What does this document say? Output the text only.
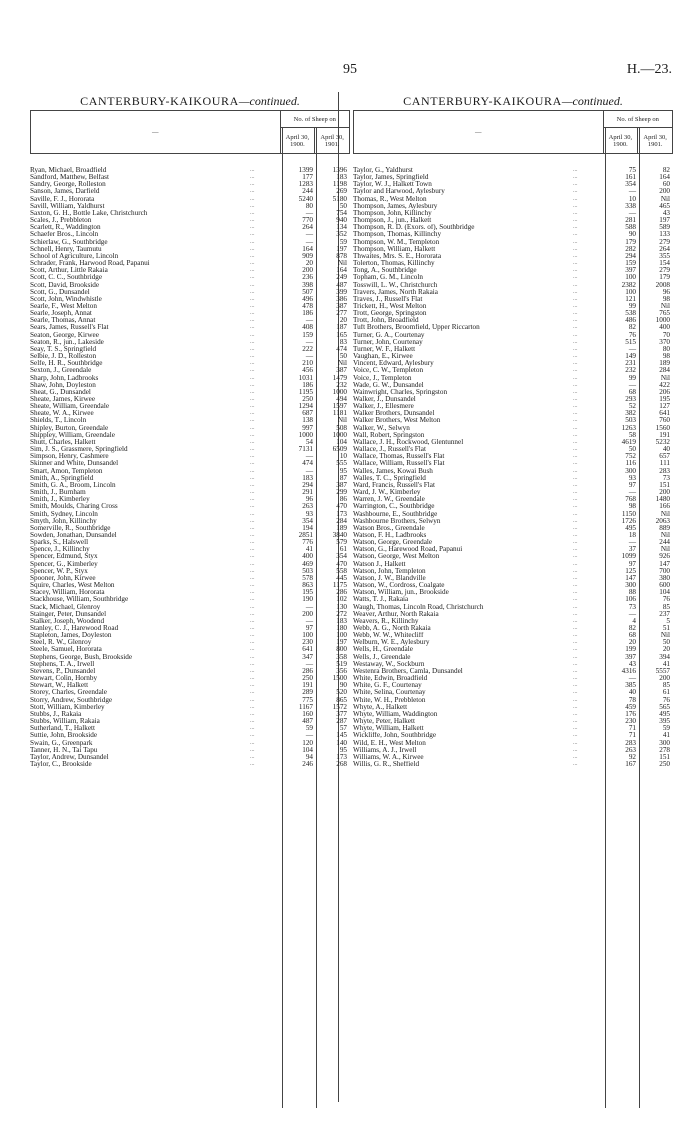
95	H.—23.
CANTERBURY-KAIKOURA—continued.
—	No. of Sheep on	
	April 30, 1900.	April 30, 1901.
Ryan, Michael, Broadfield	...	1399	1396
Sandford, Matthew, Belfast	...	177	183
Sandry, George, Rolleston	...	1283	1198
Sanson, James, Darfield	...	244	269
Saville, F. J., Hororata	...	5240	5180
Savill, William, Yaldhurst	...	80	50
Saxton, G. H., Bottle Lake, Christchurch	...	—	754
Scales, J., Prebbleton	...	770	940
Scarlett, R., Waddington	...	264	134
Schaefer Bros., Lincoln	...	—	352
Schierlaw, G., Southbridge	...	—	59
Schnell, Henry, Taumutu	...	164	197
School of Agriculture, Lincoln	...	909	878
Schrader, Frank, Harwood Road, Papanui	...	20	Nil
Scott, Arthur, Little Rakaia	...	200	164
Scott, C. C., Southbridge	...	236	249
Scott, David, Brookside	...	398	487
Scott, G., Dunsandel	...	507	399
Scott, John, Windwhistle	...	496	386
Searle, F., West Melton	...	478	387
Searle, Joseph, Annat	...	186	277
Searle, Thomas, Annat	...	—	20
Sears, James, Russell's Flat	...	408	187
Seaton, George, Kirwee	...	159	165
Seaton, R., jun., Lakeside	...	—	83
Seay, T. S., Springfield	...	222	474
Selbie, J. D., Rolleston	...	—	50
Selfe, H. R., Southbridge	...	210	Nil
Sexton, J., Greendale	...	456	387
Sharp, John, Ladbrooks	...	1031	1479
Shaw, John, Doyleston	...	186	232
Sheat, G., Dunsandel	...	1195	1000
Sheate, James, Kirwee	...	250	494
Sheate, William, Greendale	...	1294	1597
Sheate, W. A., Kirwee	...	687	1181
Shields, T., Lincoln	...	138	Nil
Shipley, Burton, Greendale	...	997	508
Shippley, William, Greendale	...	1000	1000
Shutt, Charles, Halkett	...	54	104
Sim, J. S., Grassmere, Springfield	...	7131	6509
Simpson, Henry, Cashmere	...	—	10
Skinner and White, Dunsandel	...	474	555
Smart, Amon, Templeton	...	—	95
Smith, A., Springfield	...	183	87
Smith, G. A., Broom, Lincoln	...	294	387
Smith, J., Burnham	...	291	299
Smith, J., Kimberley	...	96	86
Smith, Moulds, Charing Cross	...	263	470
Smith, Sydney, Lincoln	...	93	173
Smyth, John, Killinchy	...	354	284
Somerville, R., Southbridge	...	194	189
Sowden, Jonathan, Dunsandel	...	2851	3840
Sparks, S., Halswell	...	776	579
Spence, J., Killinchy	...	41	61
Spencer, Edmund, Styx	...	400	354
Spencer, G., Kimberley	...	469	470
Spencer, W. P., Styx	...	503	558
Spooner, John, Kirwee	...	578	445
Squire, Charles, West Melton	...	863	1175
Stacey, William, Hororata	...	195	286
Stackhouse, William, Southbridge	...	190	102
Stack, Michael, Glenroy	...	—	130
Stainger, Peter, Dunsandel	...	200	272
Stalker, Joseph, Woodend	...	—	183
Stanley, C. J., Harewood Road	...	97	180
Stapleton, James, Doyleston	...	100	100
Steel, R. W., Glenroy	...	230	197
Steele, Samuel, Hororata	...	641	800
Stephens, George, Bush, Brookside	...	347	358
Stephens, T. A., Irwell	...	—	519
Stevens, P., Dunsandel	...	286	356
Stewart, Colin, Hornby	...	250	1500
Stewart, W., Halkett	...	191	90
Storey, Charles, Greendale	...	289	520
Storry, Andrew, Southbridge	...	775	865
Stott, William, Kimberley	...	1167	1572
Stubbs, J., Rakaia	...	160	377
Stubbs, William, Rakaia	...	487	287
Sutherland, T., Halkett	...	59	57
Suttie, John, Brookside	...	—	145
Swain, G., Greenpark	...	120	140
Tanner, H. N., Tai Tapu	...	104	95
Taylor, Andrew, Dunsandel	...	94	173
Taylor, C., Brookside	...	246	268
CANTERBURY-KAIKOURA—continued.
—	No. of Sheep on	
	April 30, 1900.	April 30, 1901.
Taylor, G., Yaldhurst	...	75	82
Taylor, James, Springfield	...	161	164
Taylor, W. J., Halkett Town	...	354	60
Taylor and Harwood, Aylesbury	...	—	200
Thomas, R., West Melton	...	10	Nil
Thompson, James, Aylesbury	...	338	465
Thompson, John, Killinchy	...	—	43
Thompson, J., jun., Halkett	...	281	197
Thompson, R. D. (Exors. of), Southbridge	...	588	589
Thompson, Thomas, Killinchy	...	90	133
Thompson, W. M., Templeton	...	179	279
Thompson, William, Halkett	...	282	264
Thwaites, Mrs. S. E., Hororata	...	294	355
Tolerton, Thomas, Killinchy	...	159	154
Tong, A., Southbridge	...	397	279
Topham, G. M., Lincoln	...	100	179
Tosswill, L. W., Christchurch	...	2382	2008
Travers, James, North Rakaia	...	100	96
Traves, J., Russell's Flat	...	121	98
Trickett, H., West Melton	...	99	Nil
Trott, George, Springston	...	538	765
Trott, John, Broadfield	...	486	1000
Tuft Brothers, Broomfield, Upper Riccarton	...	82	400
Turner, G. A., Courtenay	...	76	70
Turner, John, Courtenay	...	515	370
Turner, W. F., Halkett	...	—	80
Vaughan, E., Kirwee	...	149	98
Vincent, Edward, Aylesbury	...	231	189
Voice, C. W., Templeton	...	232	284
Voice, J., Templeton	...	99	Nil
Wade, G. W., Dunsandel	...	—	422
Wainwright, Charles, Springston	...	68	206
Walker, J., Dunsandel	...	293	195
Walker, J., Ellesmere	...	52	127
Walker Brothers, Dunsandel	...	382	641
Walker Brothers, West Melton	...	503	760
Walker, W., Selwyn	...	1263	1560
Wall, Robert, Springston	...	58	191
Wallace, J. H., Rockwood, Glentunnel	...	4619	5232
Wallace, J., Russell's Flat	...	50	40
Wallace, Thomas, Russell's Flat	...	752	657
Wallace, William, Russell's Flat	...	116	111
Walles, James, Kowai Bush	...	300	283
Walles, T. C., Springfield	...	93	73
Ward, Francis, Russell's Flat	...	97	151
Ward, J. W., Kimberley	...	—	200
Warren, J. W., Greendale	...	768	1480
Warrington, C., Southbridge	...	98	166
Washbourne, E., Southbridge	...	1150	Nil
Washbourne Brothers, Selwyn	...	1726	2063
Watson Bros., Greendale	...	495	889
Watson, F. H., Ladbrooks	...	18	Nil
Watson, George, Greendale	...	—	244
Watson, G., Harewood Road, Papanui	...	37	Nil
Watson, George, West Melton	...	1099	926
Watson J., Halkett	...	97	147
Watson, John, Templeton	...	125	700
Watson, J. W., Blandville	...	147	380
Watson, W., Cordross, Coalgate	...	300	600
Watson, William, jun., Brookside	...	88	104
Watts, T. J., Rakaia	...	106	76
Waugh, Thomas, Lincoln Road, Christchurch	...	73	85
Weaver, Arthur, North Rakaia	...	—	237
Weavers, R., Killinchy	...	4	5
Webb, A. G., North Rakaia	...	82	51
Webb, W. W., Whitecliff	...	68	Nil
Welburn, W. E., Aylesbury	...	20	50
Wells, H., Greendale	...	199	20
Wells, J., Greendale	...	397	394
Westaway, W., Sockburn	...	43	41
Westenra Brothers, Camla, Dunsandel	...	4316	5557
White, Edwin, Broadfield	...	—	200
White, G. F., Courtenay	...	385	85
White, Selina, Courtenay	...	40	61
White, W. H., Prebbleton	...	78	76
Whyte, A., Halkett	...	459	565
Whyte, William, Waddington	...	176	495
Whyte, Peter, Halkett	...	230	395
Whyte, William, Halkett	...	71	59
Wickliffe, John, Southbridge	...	71	41
Wild, E. H., West Melton	...	283	300
Williams, A. J., Irwell	...	263	278
Williams, W. A., Kirwee	...	92	151
Willis, G. R., Sheffield	...	167	250
